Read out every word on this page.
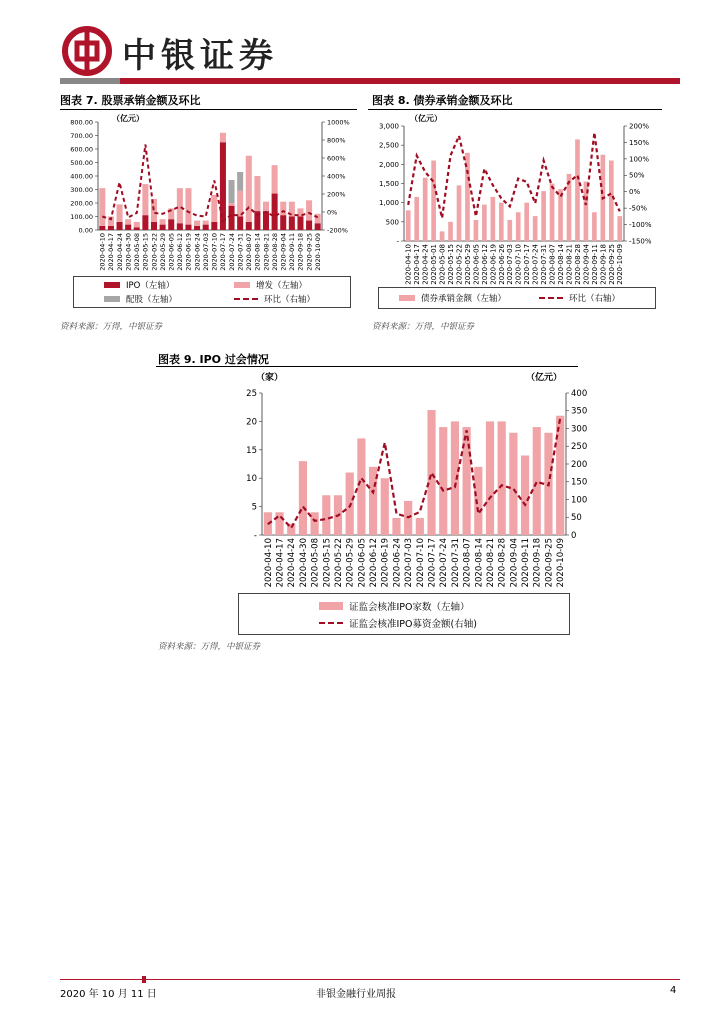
中银证券
图表 7. 股票承销金额及环比
（亿元）
0.00
100.00
200.00
300.00
400.00
500.00
600.00
700.00
800.00
-200%
0%
200%
400%
600%
800%
1000%
2020-04-10 2020-04-17 2020-04-24 2020-04-30 2020-05-08 2020-05-15 2020-05-22 2020-05-29 2020-06-05 2020-06-12 2020-06-19 2020-06-24 2020-07-03 2020-07-10 2020-07-17 2020-07-24 2020-07-31 2020-08-07 2020-08-14 2020-08-21 2020-08-28 2020-09-04 2020-09-11 2020-09-18 2020-09-25 2020-10-09
IPO（左轴）	增发（左轴）
配股（左轴）	环比（右轴）
资料来源：万得，中银证券
图表 8. 债券承销金额及环比
（亿元）
-
500
1,000
1,500
2,000
2,500
3,000
-150%
-100%
-50%
0%
50%
100%
150%
200%
2020-04-10 2020-04-17 2020-04-24 2020-05-01 2020-05-08 2020-05-15 2020-05-22 2020-05-29 2020-06-05 2020-06-12 2020-06-19 2020-06-26 2020-07-03 2020-07-10 2020-07-17 2020-07-24 2020-07-31 2020-08-07 2020-08-14 2020-08-21 2020-08-28 2020-09-04 2020-09-11 2020-09-18 2020-09-25 2020-10-09
债券承销金额（左轴）	环比（右轴）
资料来源：万得，中银证券
图表 9. IPO 过会情况
（家）	（亿元）
-
5
10
15
20
25
0
50
100
150
200
250
300
350
400
2020-04-10 2020-04-17 2020-04-24 2020-04-30 2020-05-08 2020-05-15 2020-05-22 2020-05-29 2020-06-05 2020-06-12 2020-06-19 2020-06-24 2020-07-03 2020-07-10 2020-07-17 2020-07-24 2020-07-31 2020-08-07 2020-08-14 2020-08-21 2020-08-28 2020-09-04 2020-09-11 2020-09-18 2020-09-25 2020-10-09
证监会核准IPO家数（左轴）
证监会核准IPO募资金额(右轴)
资料来源：万得，中银证券
2020 年 10 月 11 日	非银金融行业周报	4
